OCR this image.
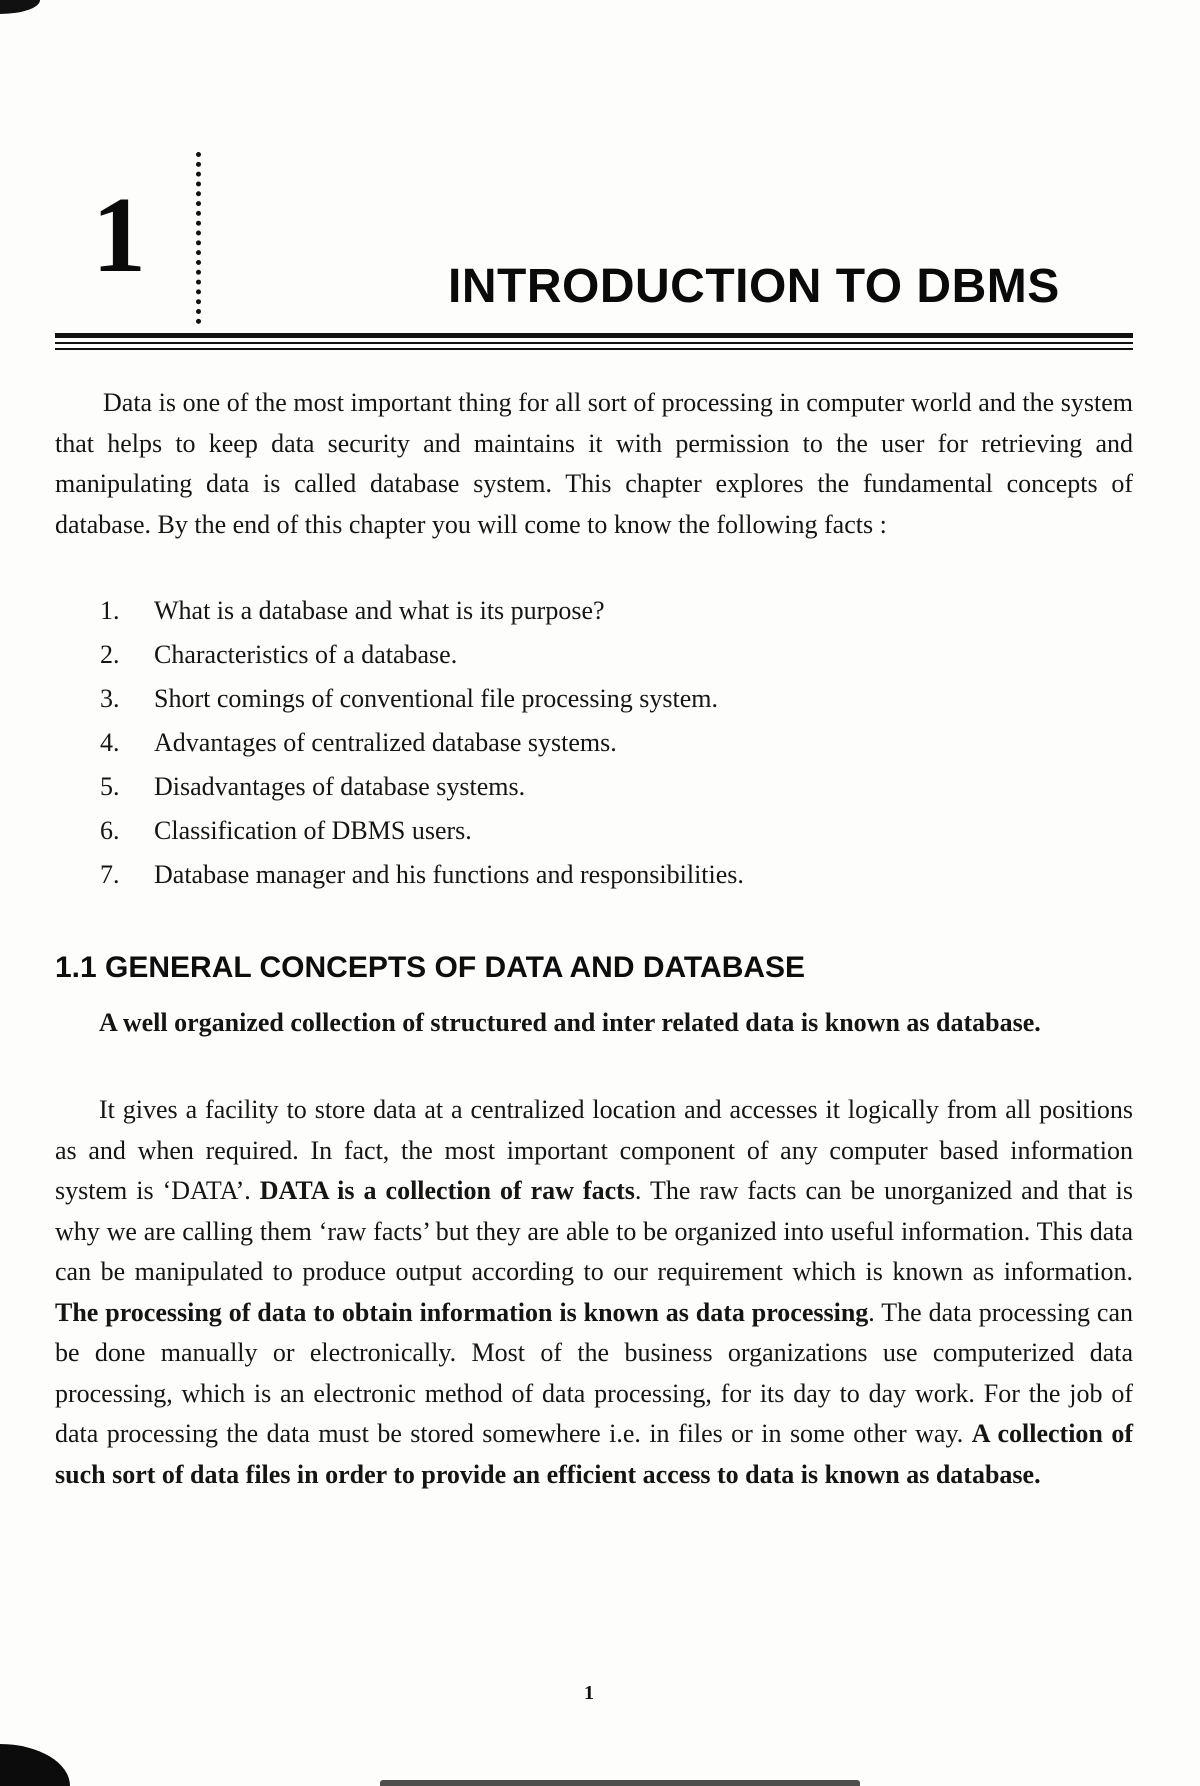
1	INTRODUCTION TO DBMS
Data is one of the most important thing for all sort of processing in computer world and the system that helps to keep data security and maintains it with permission to the user for retrieving and manipulating data is called database system. This chapter explores the fundamental concepts of database. By the end of this chapter you will come to know the following facts :
1.	What is a database and what is its purpose?
2.	Characteristics of a database.
3.	Short comings of conventional file processing system.
4.	Advantages of centralized database systems.
5.	Disadvantages of database systems.
6.	Classification of DBMS users.
7.	Database manager and his functions and responsibilities.
1.1 GENERAL CONCEPTS OF DATA AND DATABASE
A well organized collection of structured and inter related data is known as database.
It gives a facility to store data at a centralized location and accesses it logically from all positions as and when required. In fact, the most important component of any computer based information system is ‘DATA’. DATA is a collection of raw facts. The raw facts can be unorganized and that is why we are calling them ‘raw facts’ but they are able to be organized into useful information. This data can be manipulated to produce output according to our requirement which is known as information. The processing of data to obtain information is known as data processing. The data processing can be done manually or electronically. Most of the business organizations use computerized data processing, which is an electronic method of data processing, for its day to day work. For the job of data processing the data must be stored somewhere i.e. in files or in some other way. A collection of such sort of data files in order to provide an efficient access to data is known as database.
1
